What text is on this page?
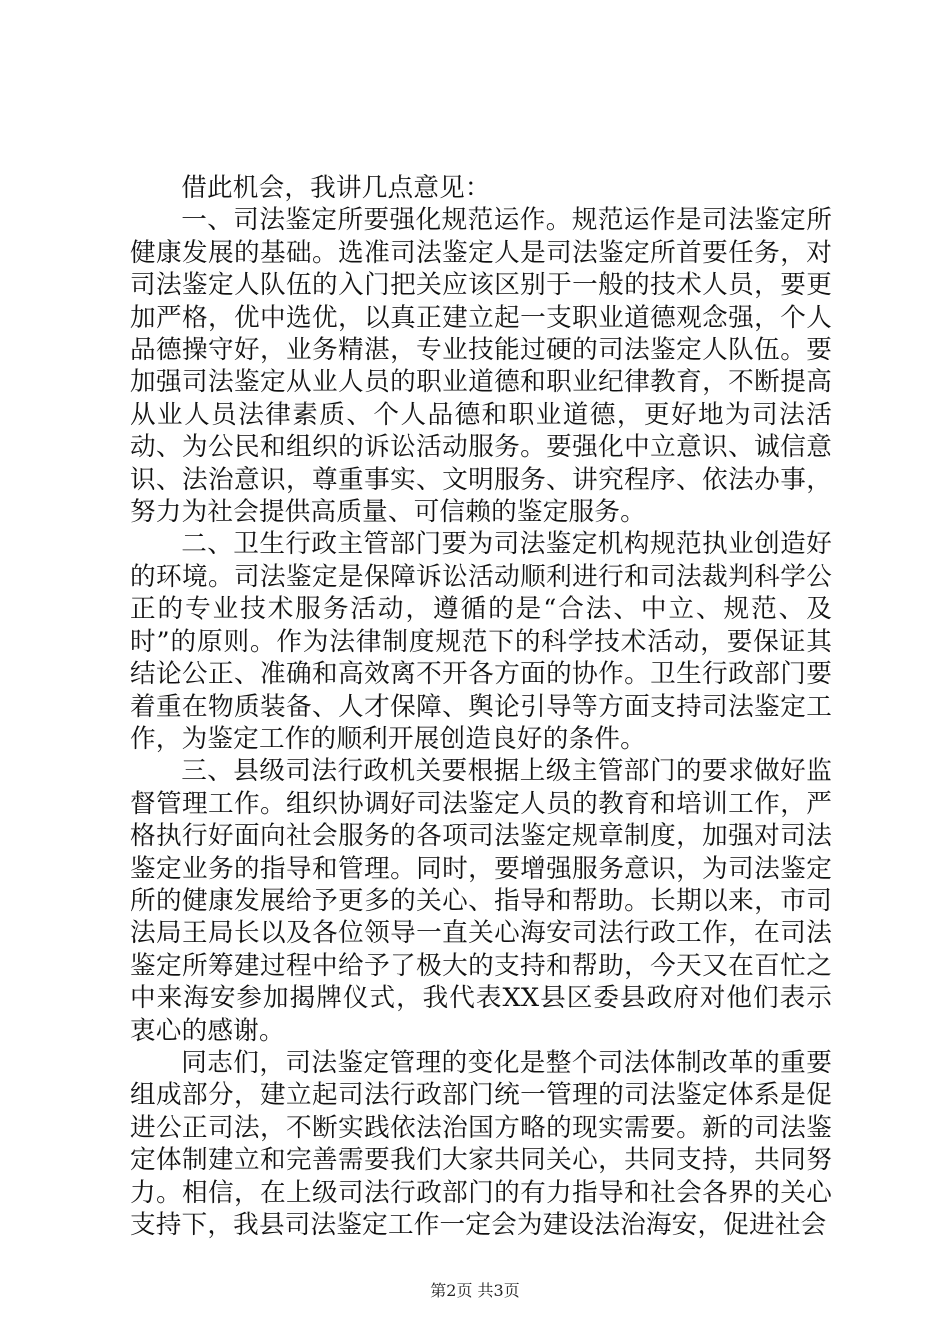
借此机会，我讲几点意见：

一、司法鉴定所要强化规范运作。规范运作是司法鉴定所健康发展的基础。选准司法鉴定人是司法鉴定所首要任务，对司法鉴定人队伍的入门把关应该区别于一般的技术人员，要更加严格，优中选优，以真正建立起一支职业道德观念强，个人品德操守好，业务精湛，专业技能过硬的司法鉴定人队伍。要加强司法鉴定从业人员的职业道德和职业纪律教育，不断提高从业人员法律素质、个人品德和职业道德，更好地为司法活动、为公民和组织的诉讼活动服务。要强化中立意识、诚信意识、法治意识，尊重事实、文明服务、讲究程序、依法办事，努力为社会提供高质量、可信赖的鉴定服务。

二、卫生行政主管部门要为司法鉴定机构规范执业创造好的环境。司法鉴定是保障诉讼活动顺利进行和司法裁判科学公正的专业技术服务活动，遵循的是“合法、中立、规范、及时”的原则。作为法律制度规范下的科学技术活动，要保证其结论公正、准确和高效离不开各方面的协作。卫生行政部门要着重在物质装备、人才保障、舆论引导等方面支持司法鉴定工作，为鉴定工作的顺利开展创造良好的条件。

三、县级司法行政机关要根据上级主管部门的要求做好监督管理工作。组织协调好司法鉴定人员的教育和培训工作，严格执行好面向社会服务的各项司法鉴定规章制度，加强对司法鉴定业务的指导和管理。同时，要增强服务意识，为司法鉴定所的健康发展给予更多的关心、指导和帮助。长期以来，市司法局王局长以及各位领导一直关心海安司法行政工作，在司法鉴定所筹建过程中给予了极大的支持和帮助，今天又在百忙之中来海安参加揭牌仪式，我代表XX县区委县政府对他们表示衷心的感谢。

同志们，司法鉴定管理的变化是整个司法体制改革的重要组成部分，建立起司法行政部门统一管理的司法鉴定体系是促进公正司法，不断实践依法治国方略的现实需要。新的司法鉴定体制建立和完善需要我们大家共同关心，共同支持，共同努力。相信，在上级司法行政部门的有力指导和社会各界的关心支持下，我县司法鉴定工作一定会为建设法治海安，促进社会

第2页 共3页
